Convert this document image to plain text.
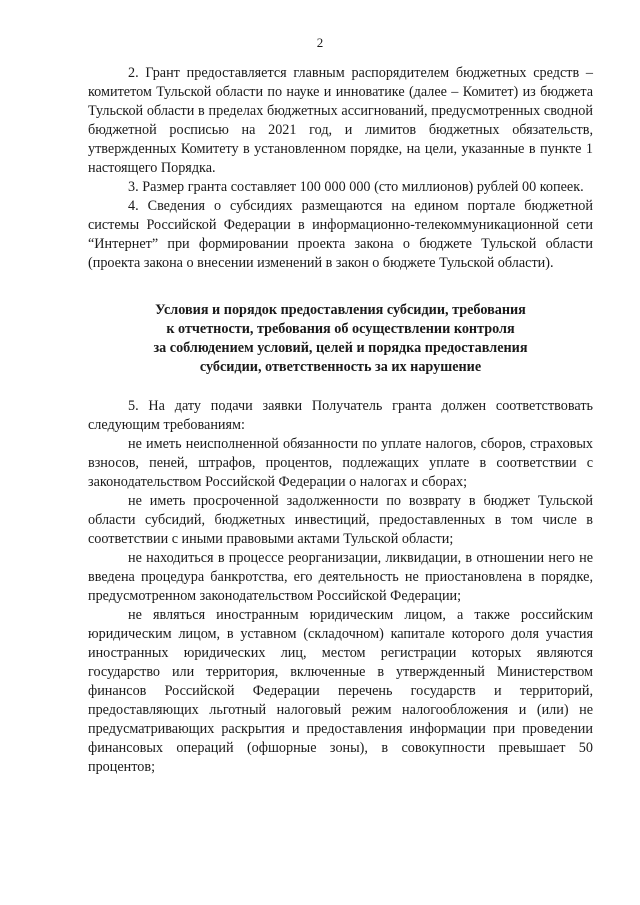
2

2. Грант предоставляется главным распорядителем бюджетных средств – комитетом Тульской области по науке и инноватике (далее – Комитет) из бюджета Тульской области в пределах бюджетных ассигнований, предусмотренных сводной бюджетной росписью на 2021 год, и лимитов бюджетных обязательств, утвержденных Комитету в установленном порядке, на цели, указанные в пункте 1 настоящего Порядка.

3. Размер гранта составляет 100 000 000 (сто миллионов) рублей 00 копеек.

4. Сведения о субсидиях размещаются на едином портале бюджетной системы Российской Федерации в информационно-телекоммуникационной сети “Интернет” при формировании проекта закона о бюджете Тульской области (проекта закона о внесении изменений в закон о бюджете Тульской области).

Условия и порядок предоставления субсидии, требования
к отчетности, требования об осуществлении контроля
за соблюдением условий, целей и порядка предоставления
субсидии, ответственность за их нарушение

5. На дату подачи заявки Получатель гранта должен соответствовать следующим требованиям:

не иметь неисполненной обязанности по уплате налогов, сборов, страховых взносов, пеней, штрафов, процентов, подлежащих уплате в соответствии с законодательством Российской Федерации о налогах и сборах;

не иметь просроченной задолженности по возврату в бюджет Тульской области субсидий, бюджетных инвестиций, предоставленных в том числе в соответствии с иными правовыми актами Тульской области;

не находиться в процессе реорганизации, ликвидации, в отношении него не введена процедура банкротства, его деятельность не приостановлена в порядке, предусмотренном законодательством Российской Федерации;

не являться иностранным юридическим лицом, а также российским юридическим лицом, в уставном (складочном) капитале которого доля участия иностранных юридических лиц, местом регистрации которых являются государство или территория, включенные в утвержденный Министерством финансов Российской Федерации перечень государств и территорий, предоставляющих льготный налоговый режим налогообложения и (или) не предусматривающих раскрытия и предоставления информации при проведении финансовых операций (офшорные зоны), в совокупности превышает 50 процентов;
